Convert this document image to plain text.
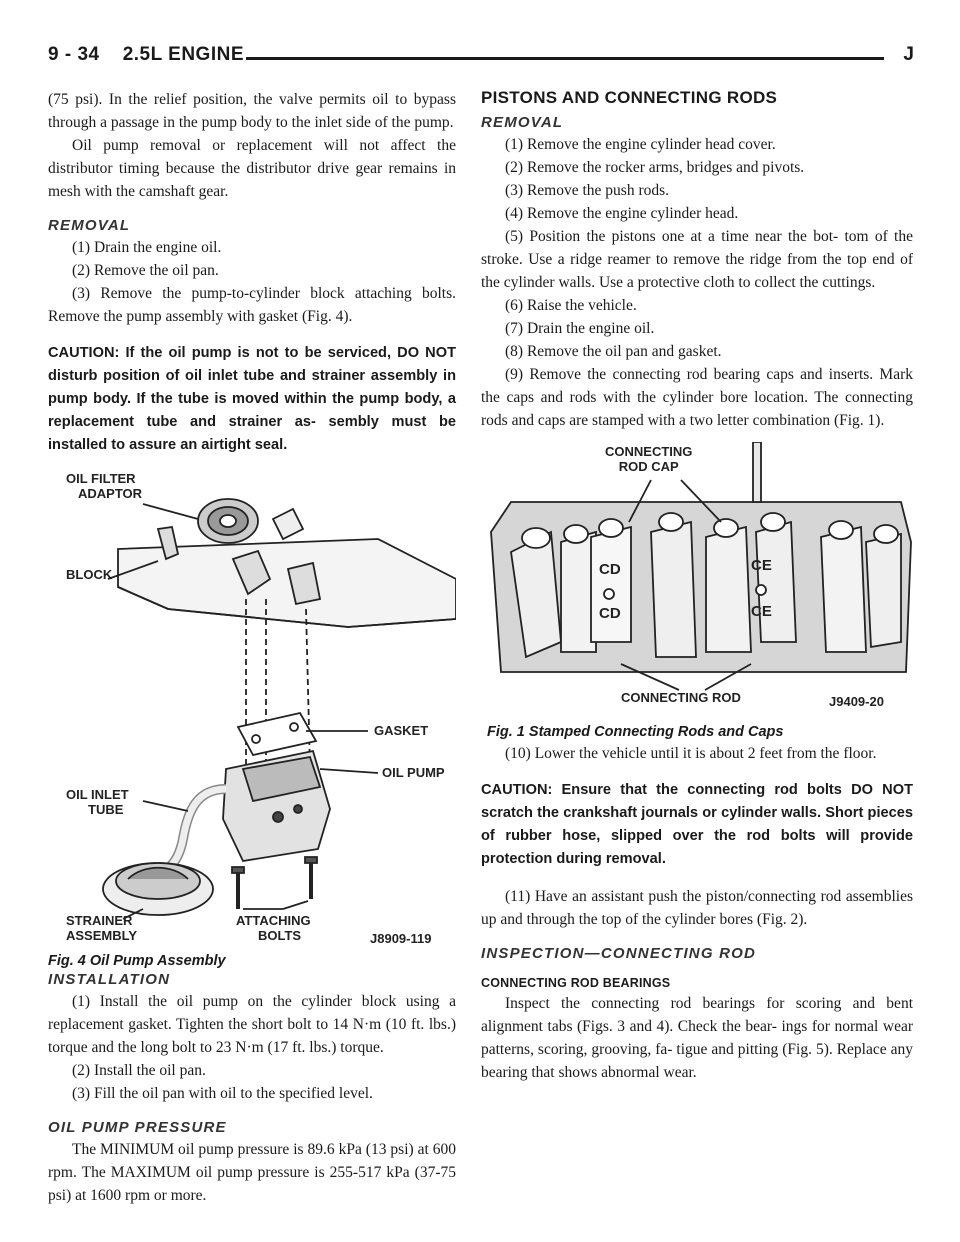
9 - 34    2.5L ENGINE	J

(75 psi). In the relief position, the valve permits oil to bypass through a passage in the pump body to the inlet side of the pump.

Oil pump removal or replacement will not affect the distributor timing because the distributor drive gear remains in mesh with the camshaft gear.

REMOVAL

(1) Drain the engine oil.

(2) Remove the oil pan.

(3) Remove the pump-to-cylinder block attaching bolts. Remove the pump assembly with gasket (Fig. 4).

CAUTION: If the oil pump is not to be serviced, DO NOT disturb position of oil inlet tube and strainer assembly in pump body. If the tube is moved within the pump body, a replacement tube and strainer as- sembly must be installed to assure an airtight seal.
OIL FILTER
ADAPTOR
BLOCK
GASKET
OIL PUMP
OIL INLET
TUBE
STRAINER
ASSEMBLY
ATTACHING
BOLTS	J8909-119
Fig. 4 Oil Pump Assembly
INSTALLATION

(1) Install the oil pump on the cylinder block using a replacement gasket. Tighten the short bolt to 14 N·m (10 ft. lbs.) torque and the long bolt to 23 N·m (17 ft. lbs.) torque.

(2) Install the oil pan.

(3) Fill the oil pan with oil to the specified level.

OIL PUMP PRESSURE

The MINIMUM oil pump pressure is 89.6 kPa (13 psi) at 600 rpm. The MAXIMUM oil pump pressure is 255-517 kPa (37-75 psi) at 1600 rpm or more.

PISTONS AND CONNECTING RODS
REMOVAL

(1) Remove the engine cylinder head cover.

(2) Remove the rocker arms, bridges and pivots.

(3) Remove the push rods.

(4) Remove the engine cylinder head.

(5) Position the pistons one at a time near the bot- tom of the stroke. Use a ridge reamer to remove the ridge from the top end of the cylinder walls. Use a protective cloth to collect the cuttings.

(6) Raise the vehicle.

(7) Drain the engine oil.

(8) Remove the oil pan and gasket.

(9) Remove the connecting rod bearing caps and inserts. Mark the caps and rods with the cylinder bore location. The connecting rods and caps are stamped with a two letter combination (Fig. 1).

CONNECTING
ROD CAP
CD
CD
CE
CE
CONNECTING ROD	J9409-20
Fig. 1 Stamped Connecting Rods and Caps

(10) Lower the vehicle until it is about 2 feet from the floor.

CAUTION: Ensure that the connecting rod bolts DO NOT scratch the crankshaft journals or cylinder walls. Short pieces of rubber hose, slipped over the rod bolts will provide protection during removal.

(11) Have an assistant push the piston/connecting rod assemblies up and through the top of the cylinder bores (Fig. 2).

INSPECTION—CONNECTING ROD
CONNECTING ROD BEARINGS

Inspect the connecting rod bearings for scoring and bent alignment tabs (Figs. 3 and 4). Check the bear- ings for normal wear patterns, scoring, grooving, fa- tigue and pitting (Fig. 5). Replace any bearing that shows abnormal wear.
